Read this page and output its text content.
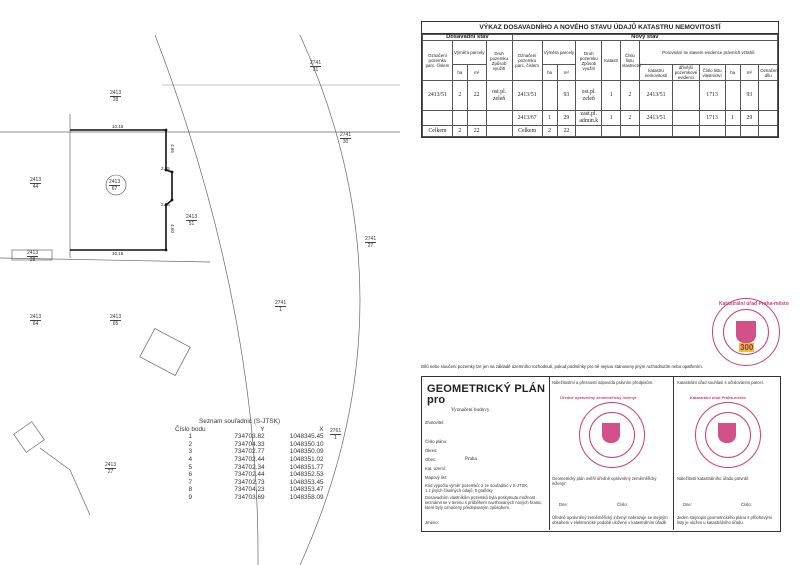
2413
28
2741
31
2413
44
2413
67
2741
30
2413
51
2741
27
2413
28
2741
1
2413
64
2413
65
2761
1
2413
27
10.15
10.15
4.65
2.55
2.55
4.60
Seznam souřadnic (S-JTSK)
Číslo bodu	Y	X
1	734703.82	1048345.45
2	734704.33	1048350.10
3	734702.77	1048350.09
4	734702.44	1048351.02
5	734702.34	1048351.77
6	734702.44	1048352.53
7	734702.73	1048353.45
8	734704.23	1048353.47
9	734703.69	1048358.09
VÝKAZ DOSAVADNÍHO A NOVÉHO STAVU ÚDAJŮ KATASTRU NEMOVITOSTÍ
Dosavadní stav				Nový stav											
Označení pozemku parc. číslem	Výměra parcely		Druh pozemku
Způsob využití	Označení pozemku parc. číslem	Výměra parcely		Druh pozemku
Způsob využití	Katastr	Číslo listu vlastnictví	Porovnání se stavem evidence právních vztahů					
	ha	m²			ha	m²				katastru nemovitostí	dřívější pozemkové evidenci	Číslo listu vlastnictví	ha	m²	Označení dílu
2413/51	2	22	ost.pl. zeleň	2413/51		93	ost.pl. zeleň	1	2	2413/51		1713		93	
				2413/67	1	29	zast.pl. admin.k	1	2	2413/51		1713	1	29	
Celkem	2	22		Celkem	2	22									
Katastrální úřad Praha-město
300
Dílů nebo sloučení pozemky lze jen na základě územního rozhodnutí, pokud podmínky pro ně nejsou stanoveny jiným rozhodnutím nebo opatřením.
GEOMETRICKÝ PLÁN
pro
Vyznačení budovy
Zhotovitel:
Číslo plánu:
Okres:
Obec:	Praha
Kat. území:
Mapový list:
Kód výpočtu výměr pozemků: 2 ze souřadnic v S-JTSK,
1 z jiných číselných údajů, 0 graficky
Dosavadním vlastníkům pozemků byla poskytnuta možnost seznámit se v terénu s průběhem navrhovaných nových hranic, které byly označeny předepsaným způsobem.
Jméno:
Náležitostmi a přesností odpovídá právním předpisům.
Úředně oprávněný zeměměřický inženýr
Geometrický plán ověřil úředně oprávněný zeměměřický inženýr:
Dne:	Číslo:
Úředně oprávněný zeměměřický inženýr nahrazuje se stejným obsahem v elektronické podobě uložené v katastrálním úřadě.
Katastrální úřad souhlasí s očíslováním parcel.
Katastrální úřad Praha-město
Náležitosti katastrálního úřadu potvrdil:
Dne:	Číslo:
Jeden stejnopis geometrického plánu s přílohovými listy je uložen u katastrálního úřadu.
